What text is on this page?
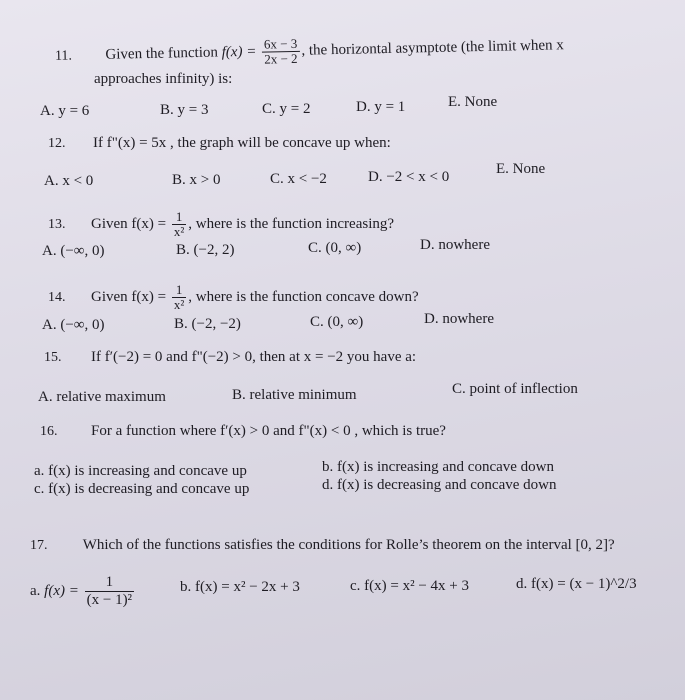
11. Given the function $f(x) = \frac{6x - 3}{2x - 2}$ , the horizontal asymptote (the limit when x
approaches infinity) is:
A. y = 6	B. y = 3	C. y = 2	D. y = 1	E. None
12. If f"(x) = 5x , the graph will be concave up when:
A. x < 0	B. x > 0	C. x < −2	D. −2 < x < 0	E. None
13. Given $f(x) = \frac{1}{\text{x²}}$ , where is the function increasing?
A. (−∞, 0)	B. (−2, 2)	C. (0, ∞)	D. nowhere
14. Given $f(x) = \frac{1}{\text{x²}}$ , where is the function concave down?
A. (−∞, 0)	B. (−2, −2)	C. (0, ∞)	D. nowhere
15. If f′(−2) = 0 and f"(−2) > 0, then at x = −2 you have a:
A. relative maximum	B. relative minimum	C. point of inflection
16. For a function where f′(x) > 0 and f"(x) < 0 , which is true?
a. f(x) is increasing and concave up	b. f(x) is increasing and concave down
c. f(x) is decreasing and concave up	d. f(x) is decreasing and concave down
17. Which of the functions satisfies the conditions for Rolle’s theorem on the interval [0, 2]?
a. $f(x) = \frac{1}{\text{(x − 1)²}}$	b. f(x) = x² − 2x + 3	c. f(x) = x² − 4x + 3	d. f(x) = (x − 1)^2/3
